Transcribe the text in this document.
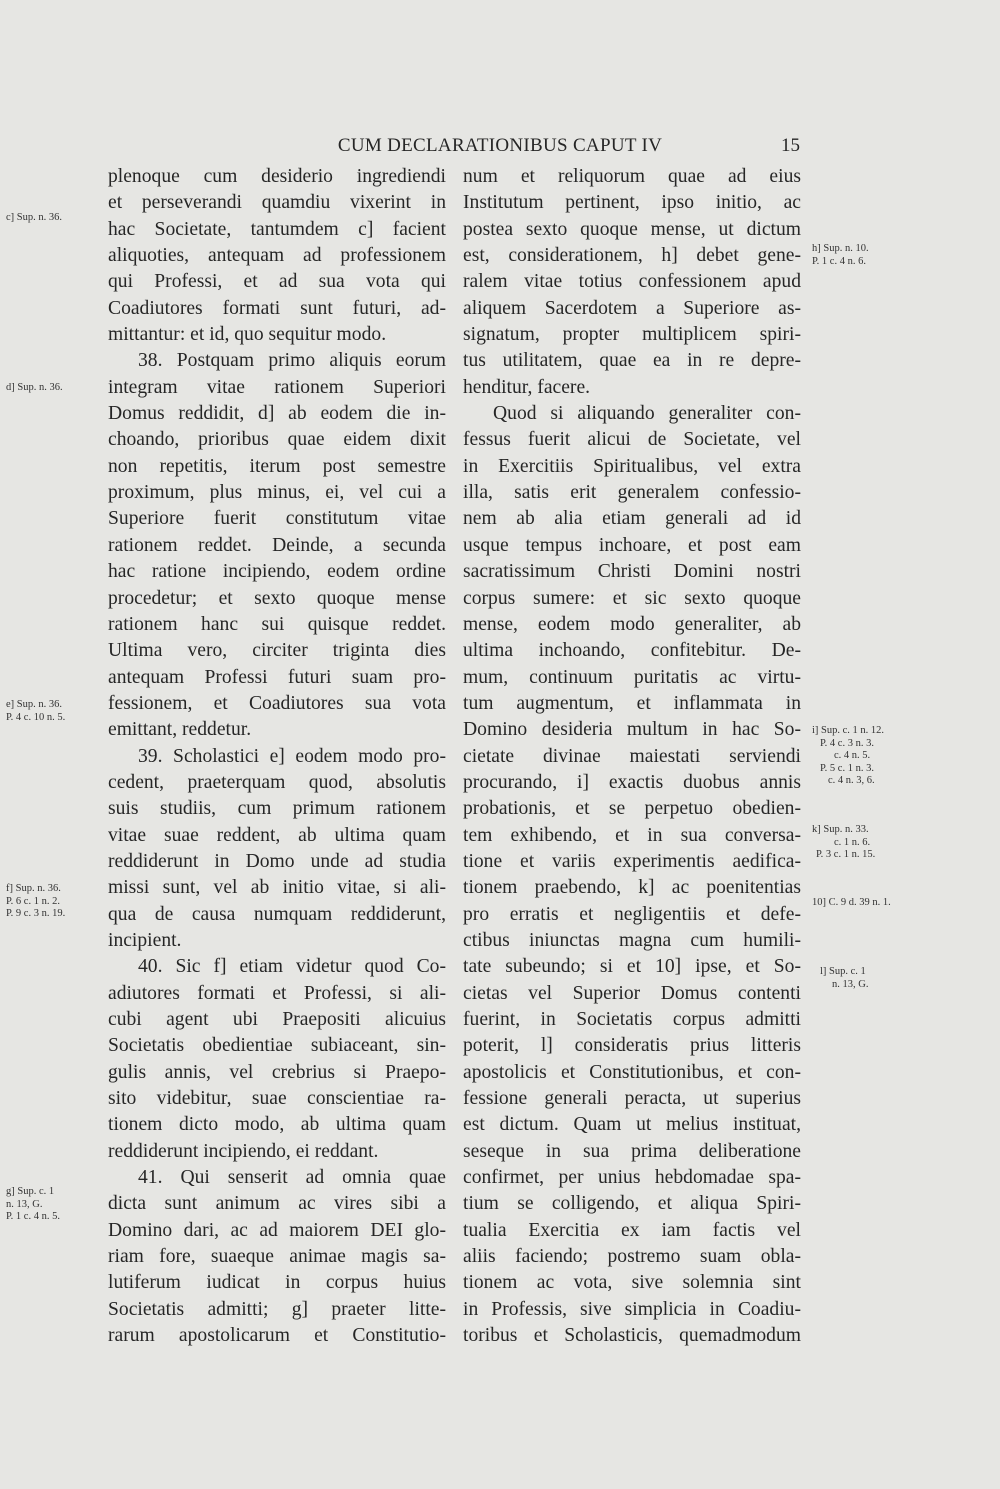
CUM DECLARATIONIBUS CAPUT IV	15
plenoque cum desiderio ingrediendi
et perseverandi quamdiu vixerint in
hac Societate, tantumdem c] facient
aliquoties, antequam ad professionem
qui Professi, et ad sua vota qui
Coadiutores formati sunt futuri, ad-
mittantur: et id, quo sequitur modo.
38. Postquam primo aliquis eorum
integram vitae rationem Superiori
Domus reddidit, d] ab eodem die in-
choando, prioribus quae eidem dixit
non repetitis, iterum post semestre
proximum, plus minus, ei, vel cui a
Superiore fuerit constitutum vitae
rationem reddet. Deinde, a secunda
hac ratione incipiendo, eodem ordine
procedetur; et sexto quoque mense
rationem hanc sui quisque reddet.
Ultima vero, circiter triginta dies
antequam Professi futuri suam pro-
fessionem, et Coadiutores sua vota
emittant, reddetur.
39. Scholastici e] eodem modo pro-
cedent, praeterquam quod, absolutis
suis studiis, cum primum rationem
vitae suae reddent, ab ultima quam
reddiderunt in Domo unde ad studia
missi sunt, vel ab initio vitae, si ali-
qua de causa numquam reddiderunt,
incipient.
40. Sic f] etiam videtur quod Co-
adiutores formati et Professi, si ali-
cubi agent ubi Praepositi alicuius
Societatis obedientiae subiaceant, sin-
gulis annis, vel crebrius si Praepo-
sito videbitur, suae conscientiae ra-
tionem dicto modo, ab ultima quam
reddiderunt incipiendo, ei reddant.
41. Qui senserit ad omnia quae
dicta sunt animum ac vires sibi a
Domino dari, ac ad maiorem DEI glo-
riam fore, suaeque animae magis sa-
lutiferum iudicat in corpus huius
Societatis admitti; g] praeter litte-
rarum apostolicarum et Constitutio-
num et reliquorum quae ad eius
Institutum pertinent, ipso initio, ac
postea sexto quoque mense, ut dictum
est, considerationem, h] debet gene-
ralem vitae totius confessionem apud
aliquem Sacerdotem a Superiore as-
signatum, propter multiplicem spiri-
tus utilitatem, quae ea in re depre-
henditur, facere.
Quod si aliquando generaliter con-
fessus fuerit alicui de Societate, vel
in Exercitiis Spiritualibus, vel extra
illa, satis erit generalem confessio-
nem ab alia etiam generali ad id
usque tempus inchoare, et post eam
sacratissimum Christi Domini nostri
corpus sumere: et sic sexto quoque
mense, eodem modo generaliter, ab
ultima inchoando, confitebitur. De-
mum, continuum puritatis ac virtu-
tum augmentum, et inflammata in
Domino desideria multum in hac So-
cietate divinae maiestati serviendi
procurando, i] exactis duobus annis
probationis, et se perpetuo obedien-
tem exhibendo, et in sua conversa-
tione et variis experimentis aedifica-
tionem praebendo, k] ac poenitentias
pro erratis et negligentiis et defe-
ctibus iniunctas magna cum humili-
tate subeundo; si et 10] ipse, et So-
cietas vel Superior Domus contenti
fuerint, in Societatis corpus admitti
poterit, l] consideratis prius litteris
apostolicis et Constitutionibus, et con-
fessione generali peracta, ut superius
est dictum. Quam ut melius instituat,
seseque in sua prima deliberatione
confirmet, per unius hebdomadae spa-
tium se colligendo, et aliqua Spiri-
tualia Exercitia ex iam factis vel
aliis faciendo; postremo suam obla-
tionem ac vota, sive solemnia sint
in Professis, sive simplicia in Coadiu-
toribus et Scholasticis, quemadmodum
c] Sup. n. 36.
d] Sup. n. 36.
e] Sup. n. 36.
P. 4 c. 10 n. 5.
f] Sup. n. 36.
P. 6 c. 1 n. 2.
P. 9 c. 3 n. 19.
g] Sup. c. 1
n. 13, G.
P. 1 c. 4 n. 5.
h] Sup. n. 10.
P. 1 c. 4 n. 6.
i] Sup. c. 1 n. 12.
P. 4 c. 3 n. 3.
c. 4 n. 5.
P. 5 c. 1 n. 3.
c. 4 n. 3, 6.
k] Sup. n. 33.
c. 1 n. 6.
P. 3 c. 1 n. 15.
10] C. 9 d. 39 n. 1.
l] Sup. c. 1
n. 13, G.
